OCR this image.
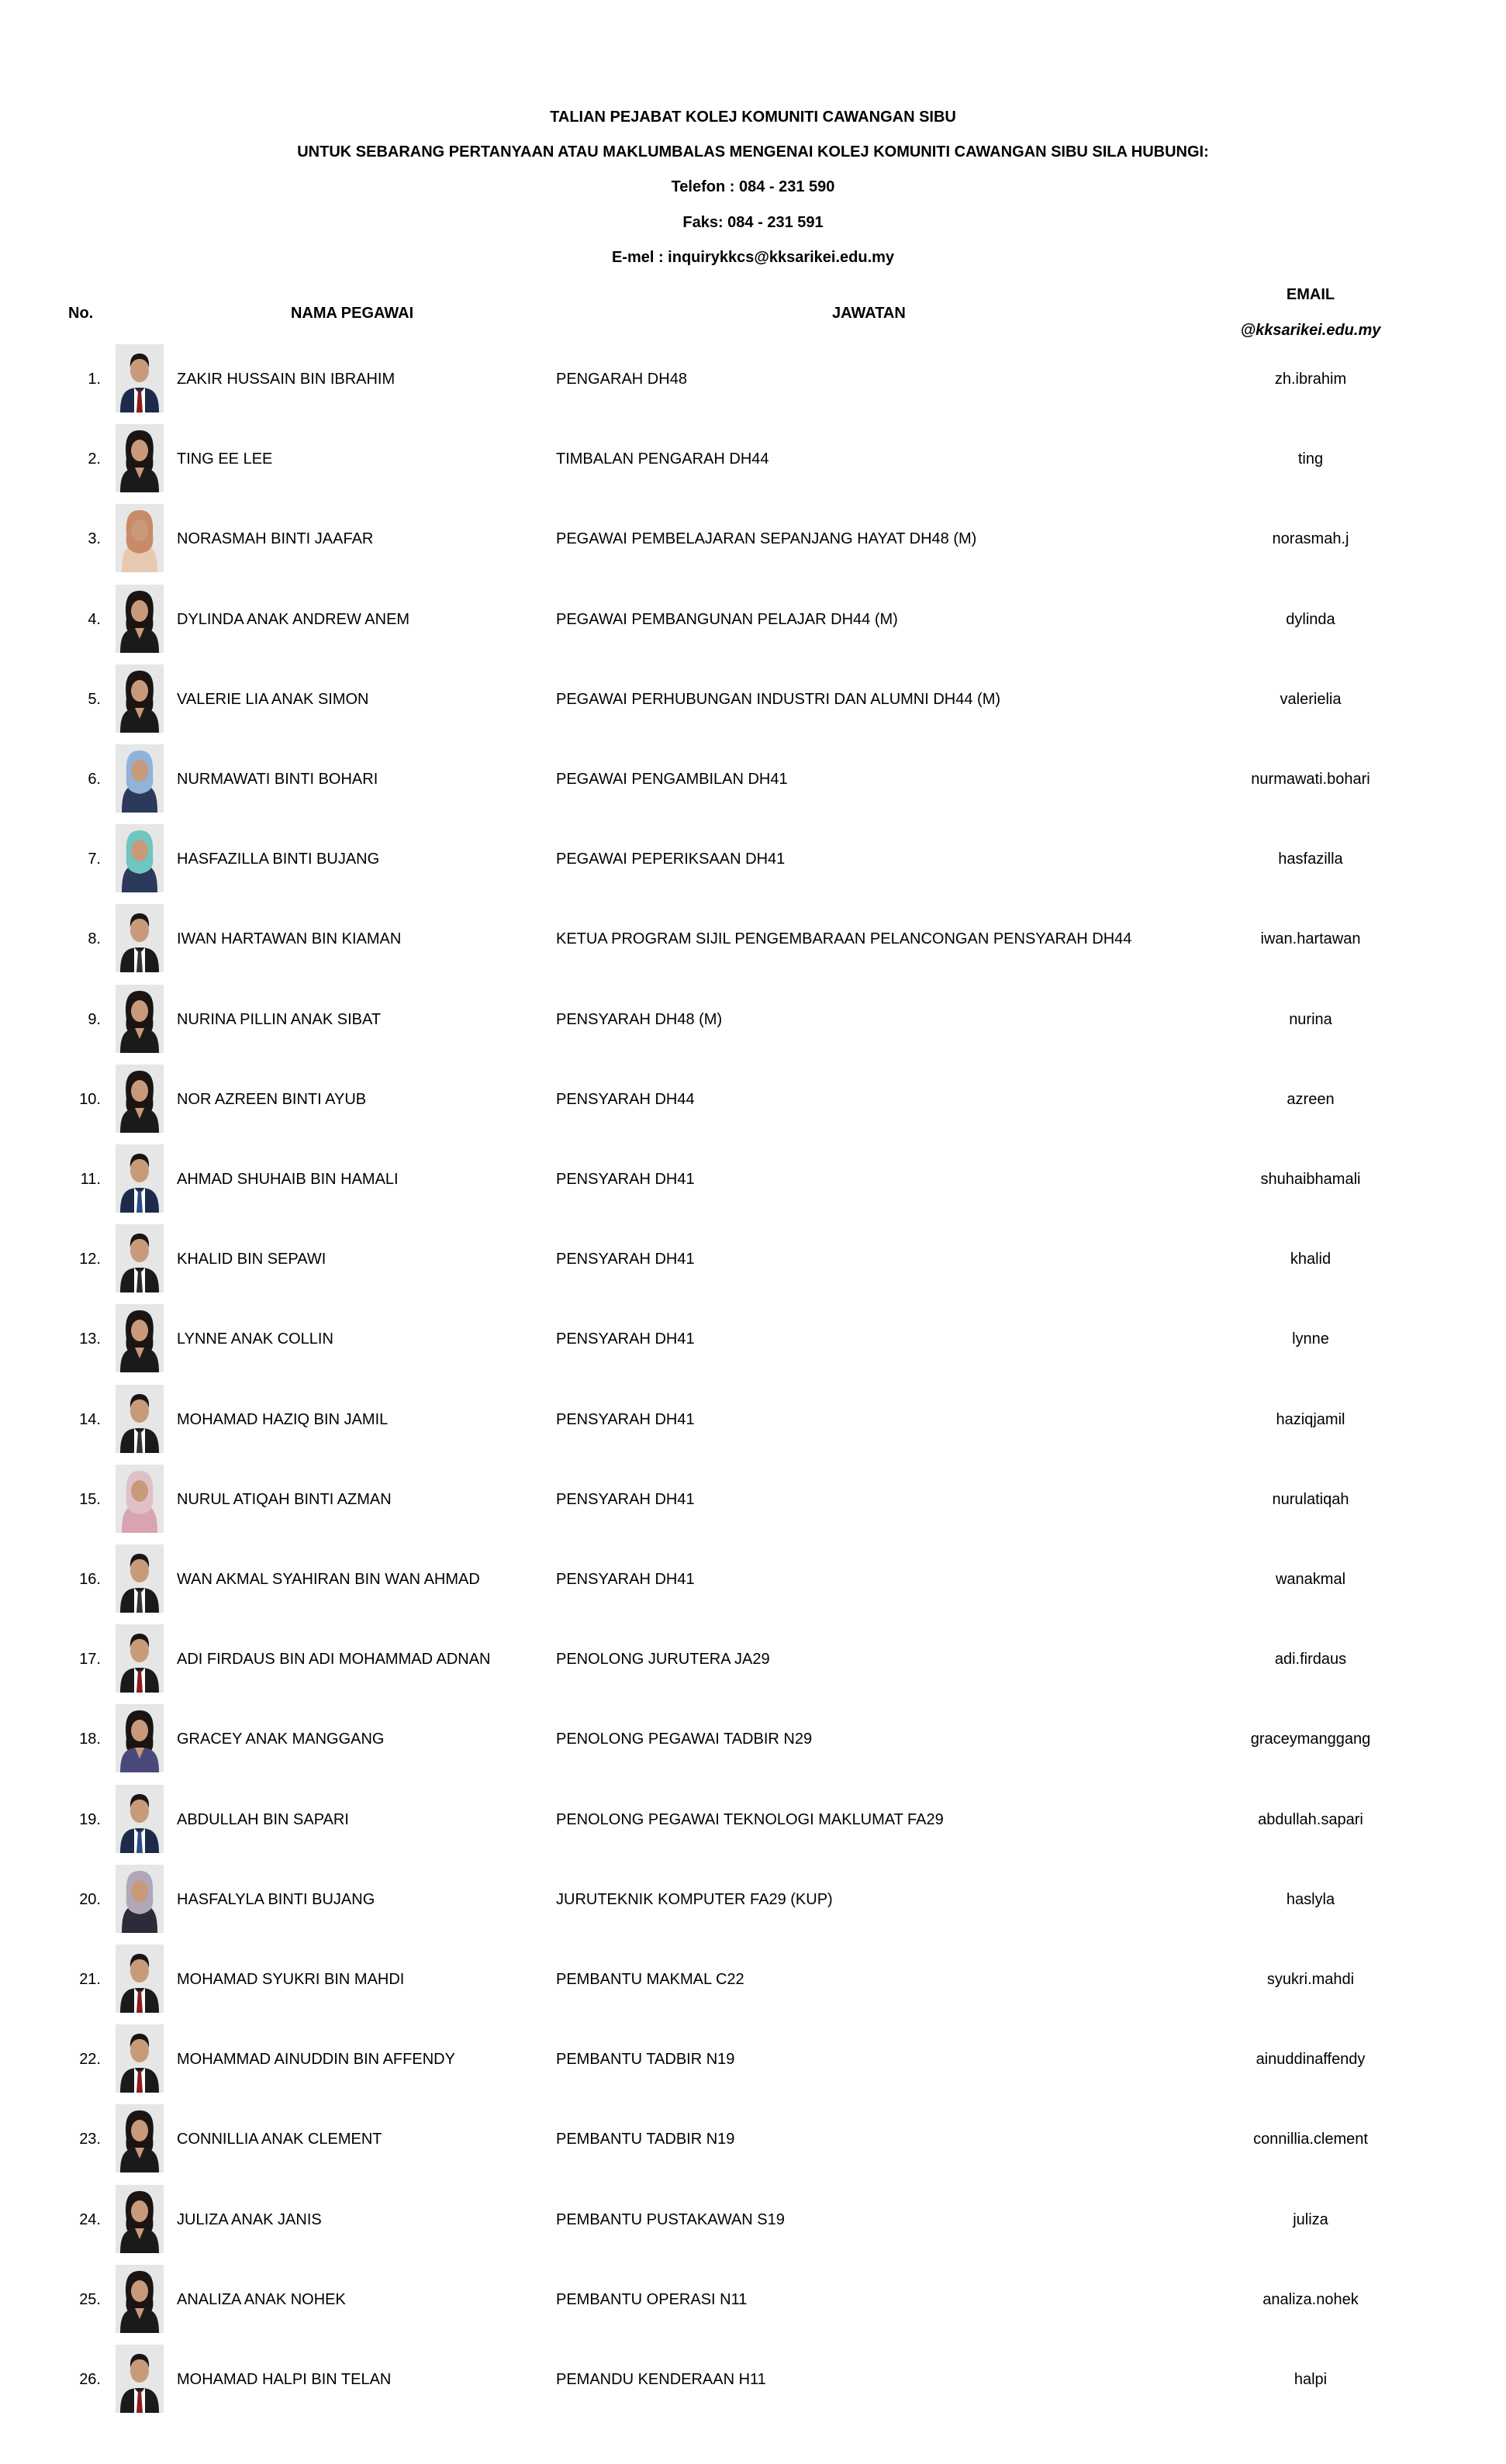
TALIAN PEJABAT KOLEJ KOMUNITI CAWANGAN SIBU
UNTUK SEBARANG PERTANYAAN ATAU MAKLUMBALAS MENGENAI KOLEJ KOMUNITI CAWANGAN SIBU SILA HUBUNGI:
Telefon : 084 - 231 590
Faks: 084 - 231 591
E-mel : inquirykkcs@kksarikei.edu.my
No.	NAMA PEGAWAI	JAWATAN
EMAIL
@kksarikei.edu.my
1.	ZAKIR HUSSAIN BIN IBRAHIM	PENGARAH DH48	zh.ibrahim
2.	TING EE LEE	TIMBALAN PENGARAH DH44	ting
3.	NORASMAH BINTI JAAFAR	PEGAWAI PEMBELAJARAN SEPANJANG HAYAT DH48 (M)	norasmah.j
4.	DYLINDA ANAK ANDREW ANEM	PEGAWAI PEMBANGUNAN PELAJAR DH44 (M)	dylinda
5.	VALERIE LIA ANAK SIMON	PEGAWAI PERHUBUNGAN INDUSTRI DAN ALUMNI DH44 (M)	valerielia
6.	NURMAWATI BINTI BOHARI	PEGAWAI PENGAMBILAN DH41	nurmawati.bohari
7.	HASFAZILLA BINTI BUJANG	PEGAWAI PEPERIKSAAN DH41	hasfazilla
8.	IWAN HARTAWAN BIN KIAMAN	KETUA PROGRAM SIJIL PENGEMBARAAN PELANCONGAN PENSYARAH DH44	iwan.hartawan
9.	NURINA PILLIN ANAK SIBAT	PENSYARAH DH48 (M)	nurina
10.	NOR AZREEN BINTI AYUB	PENSYARAH DH44	azreen
11.	AHMAD SHUHAIB BIN HAMALI	PENSYARAH DH41	shuhaibhamali
12.	KHALID BIN SEPAWI	PENSYARAH DH41	khalid
13.	LYNNE ANAK COLLIN	PENSYARAH DH41	lynne
14.	MOHAMAD HAZIQ BIN JAMIL	PENSYARAH DH41	haziqjamil
15.	NURUL ATIQAH BINTI AZMAN	PENSYARAH DH41	nurulatiqah
16.	WAN AKMAL SYAHIRAN BIN WAN AHMAD	PENSYARAH DH41	wanakmal
17.	ADI FIRDAUS BIN ADI MOHAMMAD ADNAN	PENOLONG JURUTERA JA29	adi.firdaus
18.	GRACEY ANAK MANGGANG	PENOLONG PEGAWAI TADBIR N29	graceymanggang
19.	ABDULLAH BIN SAPARI	PENOLONG PEGAWAI TEKNOLOGI MAKLUMAT FA29	abdullah.sapari
20.	HASFALYLA BINTI BUJANG	JURUTEKNIK KOMPUTER FA29 (KUP)	haslyla
21.	MOHAMAD SYUKRI BIN MAHDI	PEMBANTU MAKMAL C22	syukri.mahdi
22.	MOHAMMAD AINUDDIN BIN AFFENDY	PEMBANTU TADBIR N19	ainuddinaffendy
23.	CONNILLIA ANAK CLEMENT	PEMBANTU TADBIR N19	connillia.clement
24.	JULIZA ANAK JANIS	PEMBANTU PUSTAKAWAN S19	juliza
25.	ANALIZA ANAK NOHEK	PEMBANTU OPERASI N11	analiza.nohek
26.	MOHAMAD HALPI BIN TELAN	PEMANDU KENDERAAN H11	halpi
